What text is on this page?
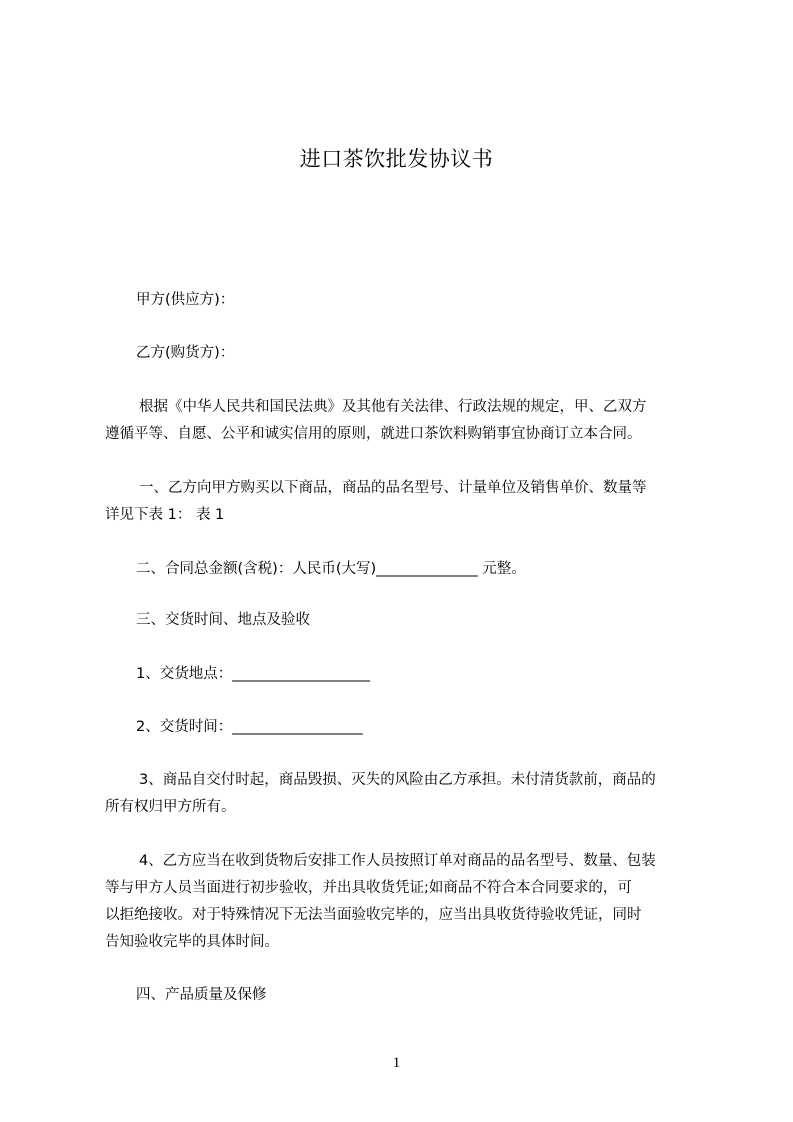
进口茶饮批发协议书

甲方(供应方)：

乙方(购货方)：

根据《中华人民共和国民法典》及其他有关法律、行政法规的规定，甲、乙双方
遵循平等、自愿、公平和诚实信用的原则，就进口茶饮料购销事宜协商订立本合同。

一、乙方向甲方购买以下商品，商品的品名型号、计量单位及销售单价、数量等
详见下表 1： 表 1

二、合同总金额(含税)：人民币(大写)______________ 元整。

三、交货时间、地点及验收

1、交货地点：___________________

2、交货时间：__________________

3、商品自交付时起，商品毁损、灭失的风险由乙方承担。未付清货款前，商品的
所有权归甲方所有。

4、乙方应当在收到货物后安排工作人员按照订单对商品的品名型号、数量、包装
等与甲方人员当面进行初步验收，并出具收货凭证;如商品不符合本合同要求的，可
以拒绝接收。对于特殊情况下无法当面验收完毕的，应当出具收货待验收凭证，同时
告知验收完毕的具体时间。

四、产品质量及保修

1
